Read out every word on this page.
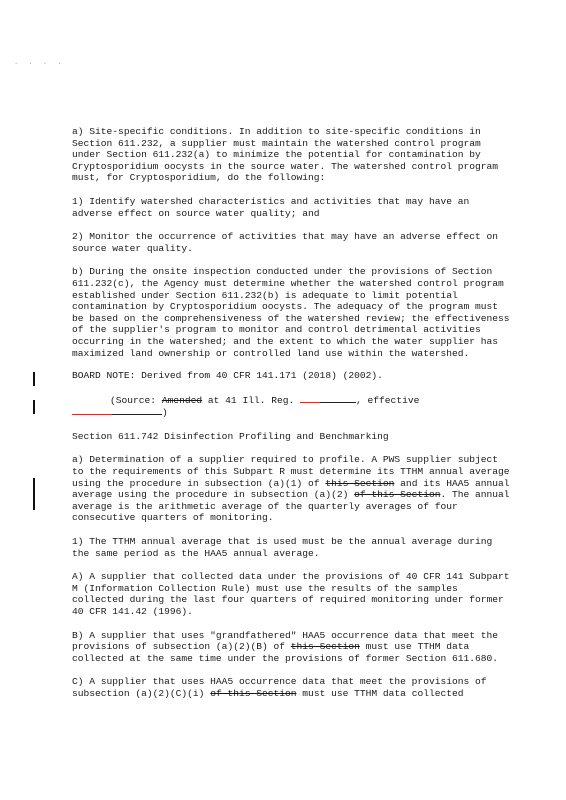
. . . .

a) Site-specific conditions. In addition to site-specific conditions in Section 611.232, a supplier must maintain the watershed control program under Section 611.232(a) to minimize the potential for contamination by Cryptosporidium oocysts in the source water. The watershed control program must, for Cryptosporidium, do the following:

1) Identify watershed characteristics and activities that may have an adverse effect on source water quality; and

2) Monitor the occurrence of activities that may have an adverse effect on source water quality.

b) During the onsite inspection conducted under the provisions of Section 611.232(c), the Agency must determine whether the watershed control program established under Section 611.232(b) is adequate to limit potential contamination by Cryptosporidium oocysts. The adequacy of the program must be based on the comprehensiveness of the watershed review; the effectiveness of the supplier's program to monitor and control detrimental activities occurring in the watershed; and the extent to which the water supplier has maximized land ownership or controlled land use within the watershed.

BOARD NOTE: Derived from 40 CFR 141.171 (2018) (2002).

(Source: Amended at 41 Ill. Reg.	, effective

)

Section 611.742 Disinfection Profiling and Benchmarking

a) Determination of a supplier required to profile. A PWS supplier subject to the requirements of this Subpart R must determine its TTHM annual average using the procedure in subsection (a)(1) of this Section and its HAA5 annual average using the procedure in subsection (a)(2) of this Section. The annual average is the arithmetic average of the quarterly averages of four consecutive quarters of monitoring.

1) The TTHM annual average that is used must be the annual average during the same period as the HAA5 annual average.

A) A supplier that collected data under the provisions of 40 CFR 141 Subpart M (Information Collection Rule) must use the results of the samples collected during the last four quarters of required monitoring under former 40 CFR 141.42 (1996).

B) A supplier that uses "grandfathered" HAA5 occurrence data that meet the provisions of subsection (a)(2)(B) of this Section must use TTHM data collected at the same time under the provisions of former Section 611.680.

C) A supplier that uses HAA5 occurrence data that meet the provisions of subsection (a)(2)(C)(i) of this Section must use TTHM data collected
